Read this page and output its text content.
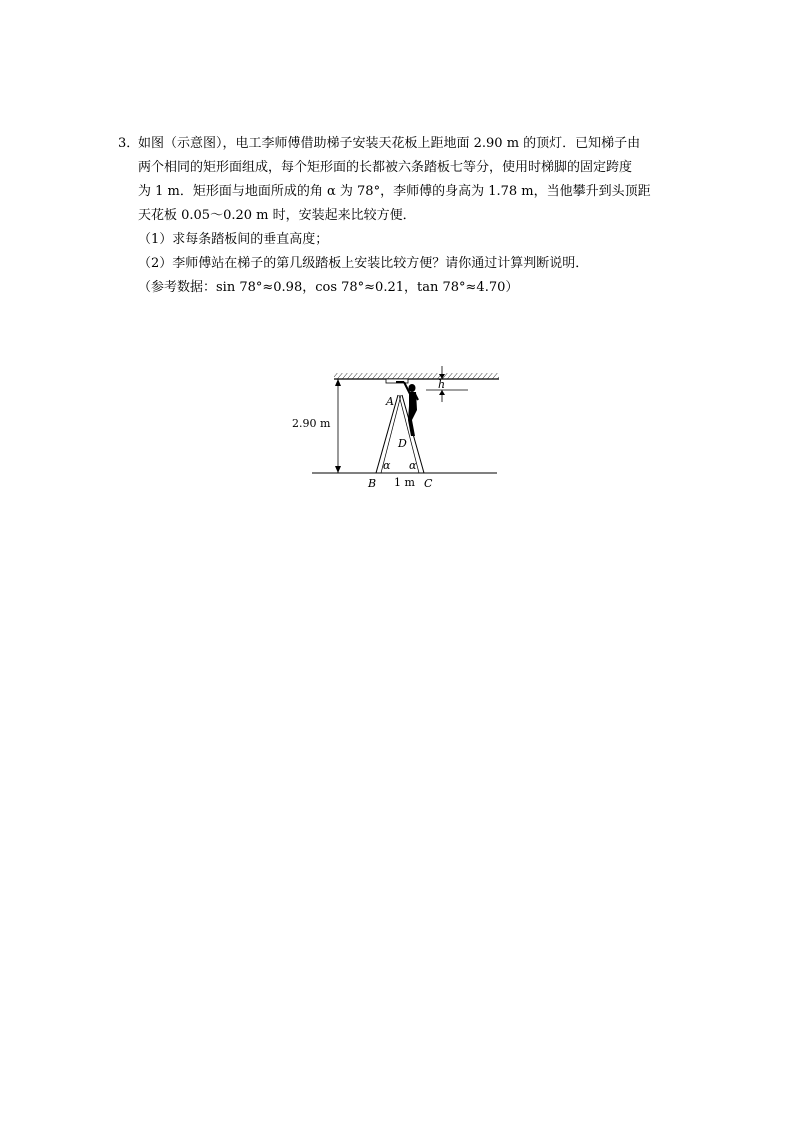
3．如图（示意图），电工李师傅借助梯子安装天花板上距地面 2.90 m 的顶灯．已知梯子由
两个相同的矩形面组成，每个矩形面的长都被六条踏板七等分，使用时梯脚的固定跨度
为 1 m．矩形面与地面所成的角 α 为 78°，李师傅的身高为 1.78 m，当他攀升到头顶距
天花板 0.05～0.20 m 时，安装起来比较方便．
（1）求每条踏板间的垂直高度；
（2）李师傅站在梯子的第几级踏板上安装比较方便？请你通过计算判断说明．
（参考数据：sin 78°≈0.98，cos 78°≈0.21，tan 78°≈4.70）
h
2.90 m
A
D
B	C
1 m
α α
